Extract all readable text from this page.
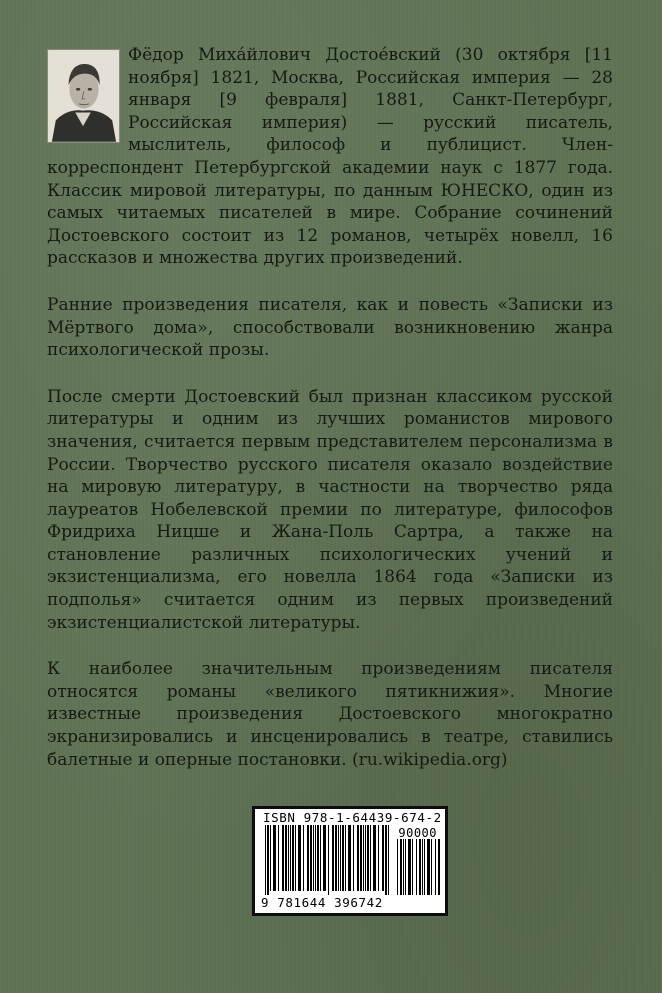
Фёдор Миха́йлович Достое́вский (30 октября [11 ноября] 1821, Москва, Российская империя — 28 января [9 февраля] 1881, Санкт-Петербург, Российская империя) — русский писатель, мыслитель, философ и публицист. Член-корреспондент Петербургской академии наук с 1877 года. Классик мировой литературы, по данным ЮНЕСКО, один из самых читаемых писателей в мире. Собрание сочинений Достоевского состоит из 12 романов, четырёх новелл, 16 рассказов и множества других произведений.

Ранние произведения писателя, как и повесть «Записки из Мёртвого дома», способствовали возникновению жанра психологической прозы.

После смерти Достоевский был признан классиком русской литературы и одним из лучших романистов мирового значения, считается первым представителем персонализма в России. Творчество русского писателя оказало воздействие на мировую литературу, в частности на творчество ряда лауреатов Нобелевской премии по литературе, философов Фридриха Ницше и Жана-Поль Сартра, а также на становление различных психологических учений и экзистенциализма, его новелла 1864 года «Записки из подполья» считается одним из первых произведений экзистенциалистской литературы.

К наиболее значительным произведениям писателя относятся романы «великого пятикнижия». Многие известные произведения Достоевского многократно экранизировались и инсценировались в театре, ставились балетные и оперные постановки. (ru.wikipedia.org)

ISBN 978-1-64439-674-2
90000
9 781644 396742
